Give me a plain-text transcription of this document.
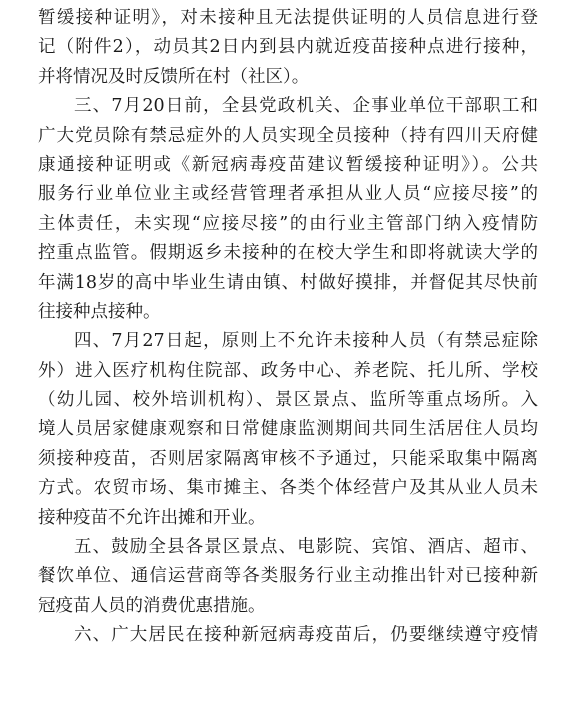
暂缓接种证明》，对未接种且无法提供证明的人员信息进行登
记（附件2），动员其2日内到县内就近疫苗接种点进行接种，
并将情况及时反馈所在村（社区）。
三、7月20日前，全县党政机关、企事业单位干部职工和
广大党员除有禁忌症外的人员实现全员接种（持有四川天府健
康通接种证明或《新冠病毒疫苗建议暂缓接种证明》）。公共
服务行业单位业主或经营管理者承担从业人员“应接尽接”的
主体责任，未实现“应接尽接”的由行业主管部门纳入疫情防
控重点监管。假期返乡未接种的在校大学生和即将就读大学的
年满18岁的高中毕业生请由镇、村做好摸排，并督促其尽快前
往接种点接种。
四、7月27日起，原则上不允许未接种人员（有禁忌症除
外）进入医疗机构住院部、政务中心、养老院、托儿所、学校
（幼儿园、校外培训机构）、景区景点、监所等重点场所。入
境人员居家健康观察和日常健康监测期间共同生活居住人员均
须接种疫苗，否则居家隔离审核不予通过，只能采取集中隔离
方式。农贸市场、集市摊主、各类个体经营户及其从业人员未
接种疫苗不允许出摊和开业。
五、鼓励全县各景区景点、电影院、宾馆、酒店、超市、
餐饮单位、通信运营商等各类服务行业主动推出针对已接种新
冠疫苗人员的消费优惠措施。
六、广大居民在接种新冠病毒疫苗后，仍要继续遵守疫情
